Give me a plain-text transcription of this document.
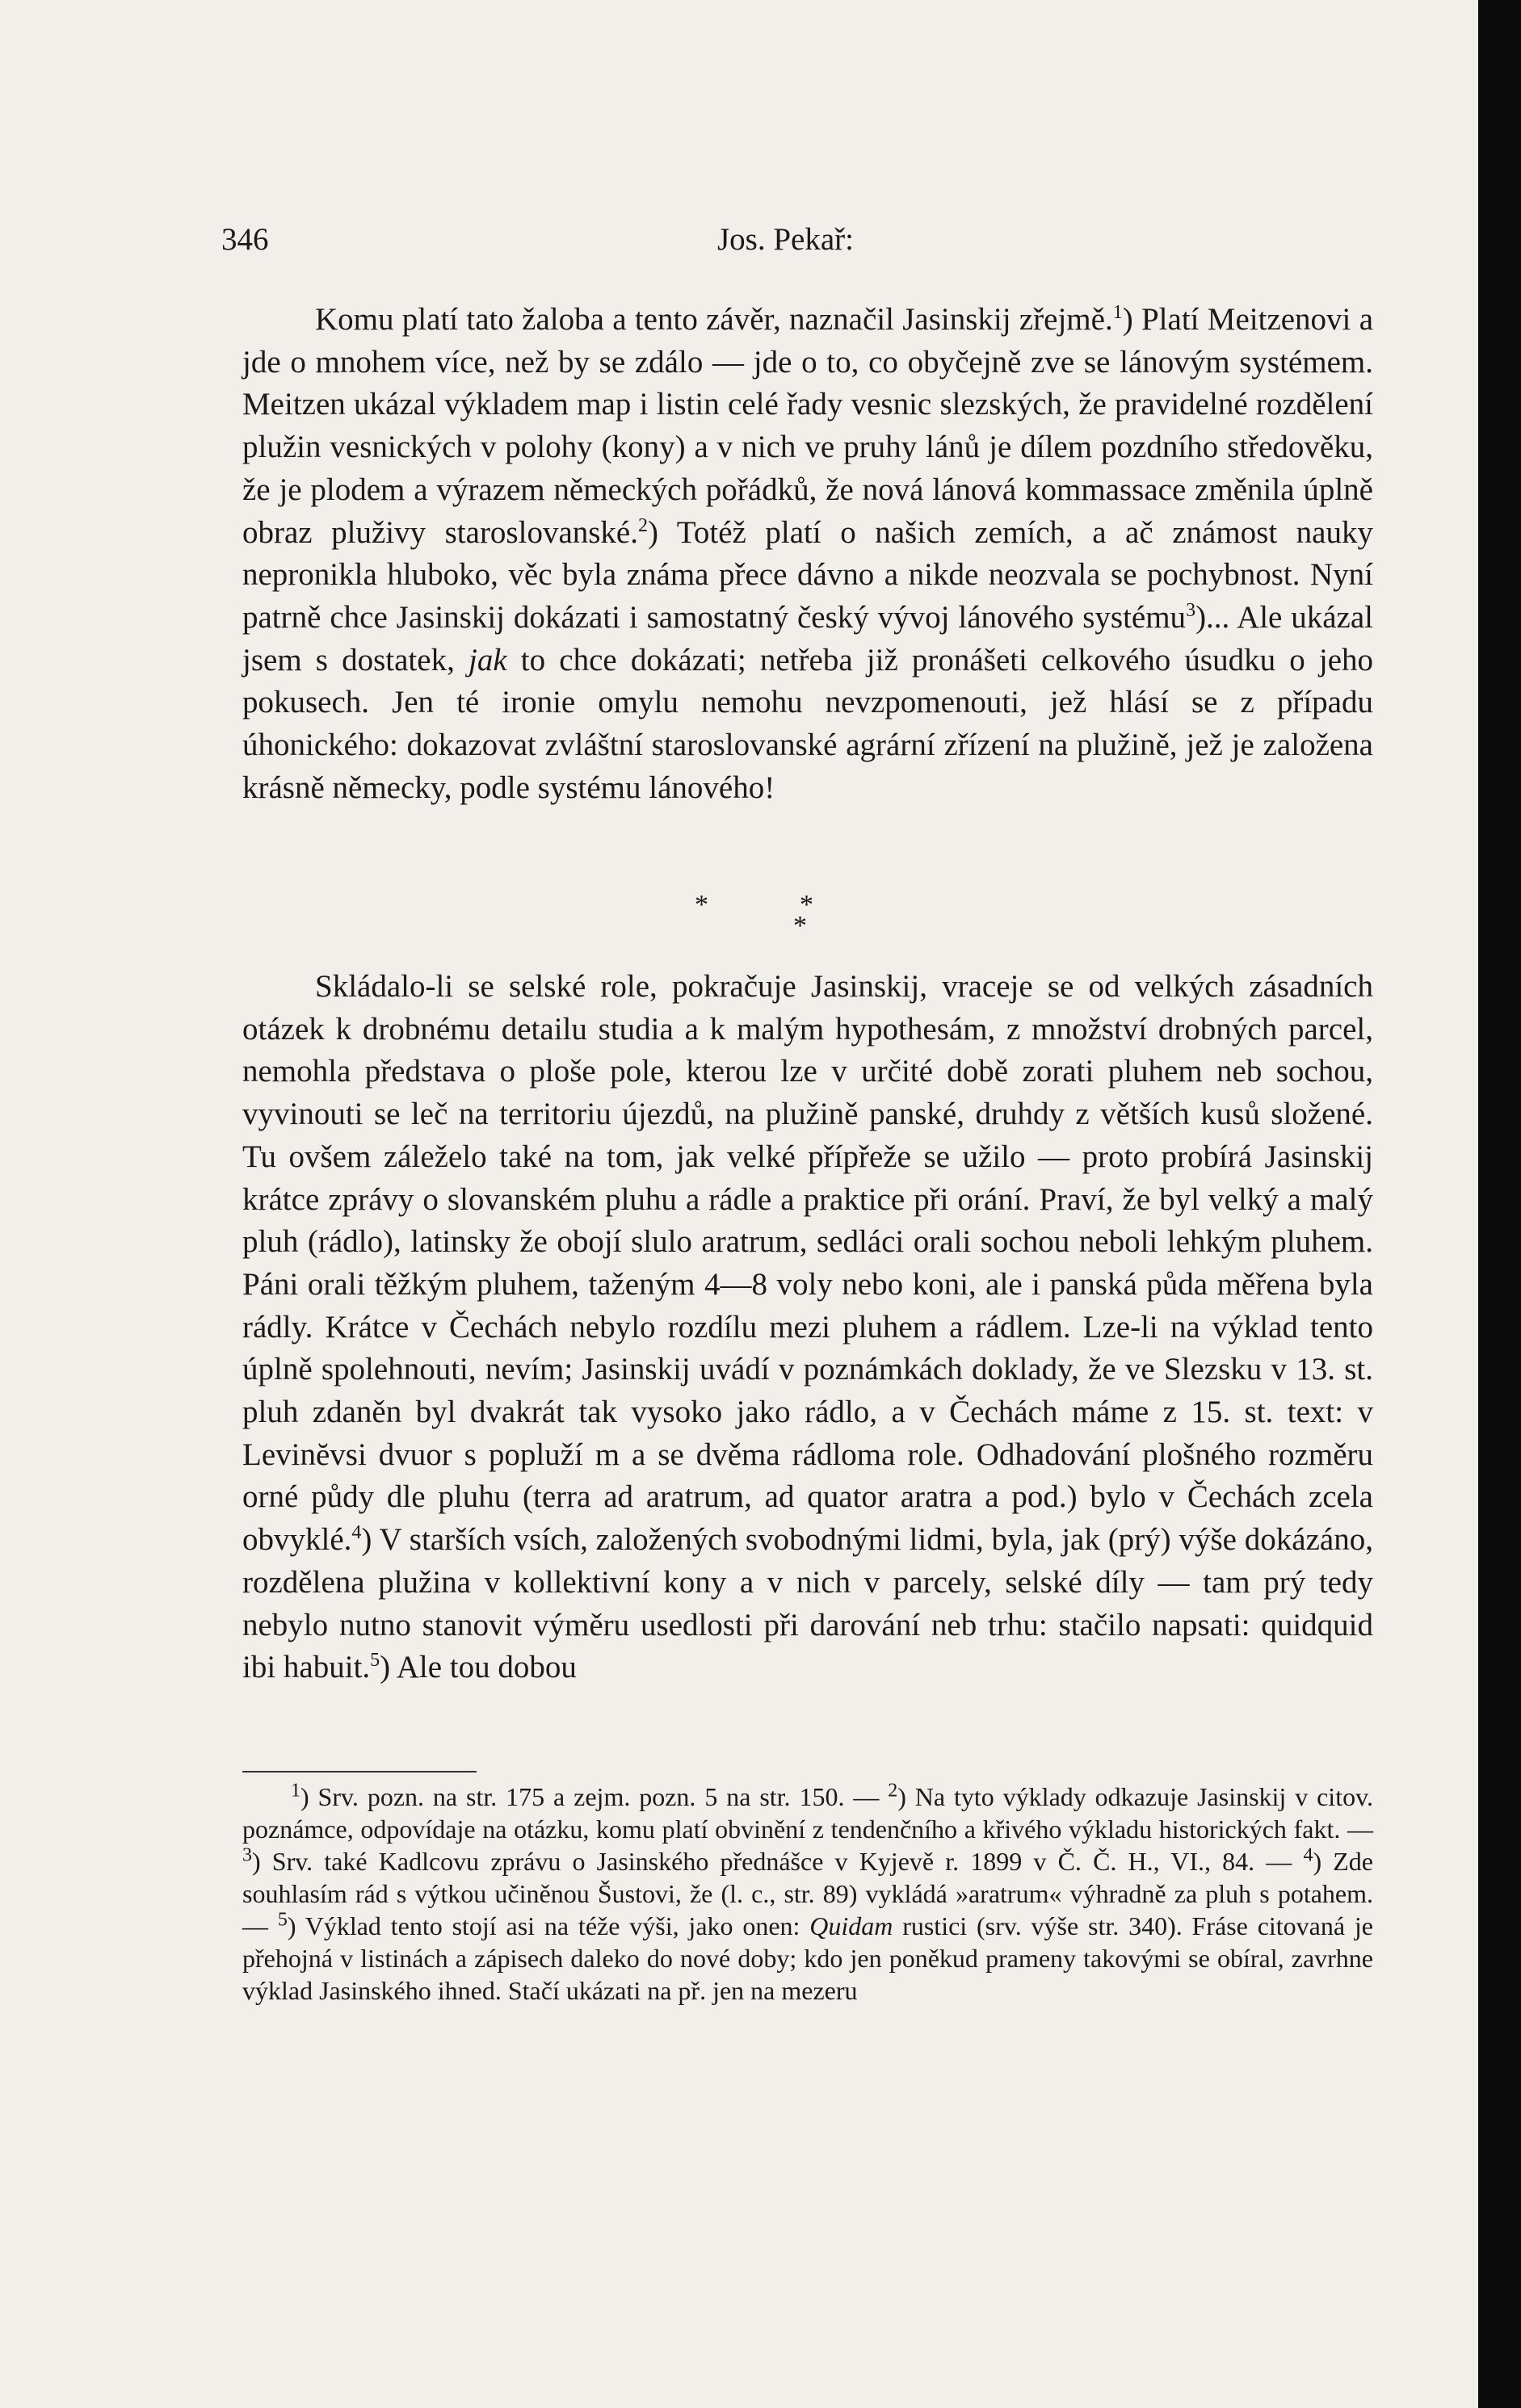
346	Jos. Pekař:

Komu platí tato žaloba a tento závěr, naznačil Jasinskij zřejmě.$^1$) Platí Meitzenovi a jde o mnohem více, než by se zdálo — jde o to, co obyčejně zve se lánovým systémem. Meitzen ukázal výkladem map i listin celé řady vesnic slezských, že pravidelné rozdělení plužin vesnických v polohy (kony) a v nich ve pruhy lánů je dílem pozdního středověku, že je plodem a výrazem německých pořádků, že nová lánová kommassace změnila úplně obraz pluživy staroslovanské.$^2$) Totéž platí o našich zemích, a ač známost nauky nepronikla hluboko, věc byla známa přece dávno a nikde neozvala se pochybnost. Nyní patrně chce Jasinskij dokázati i samostatný český vývoj lánového systému$^3$)... Ale ukázal jsem s dostatek, jak to chce dokázati; netřeba již pronášeti celkového úsudku o jeho pokusech. Jen té ironie omylu nemohu nevzpomenouti, jež hlásí se z případu úhonického: dokazovat zvláštní staroslovanské agrární zřízení na plužině, jež je založena krásně německy, podle systému lánového!

*	*
*

Skládalo-li se selské role, pokračuje Jasinskij, vraceje se od velkých zásadních otázek k drobnému detailu studia a k malým hypothesám, z množství drobných parcel, nemohla představa o ploše pole, kterou lze v určité době zorati pluhem neb sochou, vyvinouti se leč na territoriu újezdů, na plužině panské, druhdy z větších kusů složené. Tu ovšem záleželo také na tom, jak velké přípřeže se užilo — proto probírá Jasinskij krátce zprávy o slovanském pluhu a rádle a praktice při orání. Praví, že byl velký a malý pluh (rádlo), latinsky že obojí slulo aratrum, sedláci orali sochou neboli lehkým pluhem. Páni orali těžkým pluhem, taženým 4—8 voly nebo koni, ale i panská půda měřena byla rádly. Krátce v Čechách nebylo rozdílu mezi pluhem a rádlem. Lze-li na výklad tento úplně spolehnouti, nevím; Jasinskij uvádí v poznámkách doklady, že ve Slezsku v 13. st. pluh zdaněn byl dvakrát tak vysoko jako rádlo, a v Čechách máme z 15. st. text: v Levinĕvsi dvuor s popluží m a se dvěma rádloma role. Odhadování plošného rozměru orné půdy dle pluhu (terra ad aratrum, ad quator aratra a pod.) bylo v Čechách zcela obvyklé.$^4$) V starších vsích, založených svobodnými lidmi, byla, jak (prý) výše dokázáno, rozdělena plužina v kollektivní kony a v nich v parcely, selské díly — tam prý tedy nebylo nutno stanovit výměru usedlosti při darování neb trhu: stačilo napsati: quidquid ibi habuit.$^5$) Ale tou dobou

$^1$) Srv. pozn. na str. 175 a zejm. pozn. 5 na str. 150. — $^2$) Na tyto výklady odkazuje Jasinskij v citov. poznámce, odpovídaje na otázku, komu platí obvinění z tendenčního a křivého výkladu historických fakt. — $^3$) Srv. také Kadlcovu zprávu o Jasinského přednášce v Kyjevě r. 1899 v Č. Č. H., VI., 84. — $^4$) Zde souhlasím rád s výtkou učiněnou Šustovi, že (l. c., str. 89) vykládá »aratrum« výhradně za pluh s potahem. — $^5$) Výklad tento stojí asi na téže výši, jako onen: Quidam rustici (srv. výše str. 340). Fráse citovaná je přehojná v listinách a zápisech daleko do nové doby; kdo jen poněkud prameny takovými se obíral, zavrhne výklad Jasinského ihned. Stačí ukázati na př. jen na mezeru
